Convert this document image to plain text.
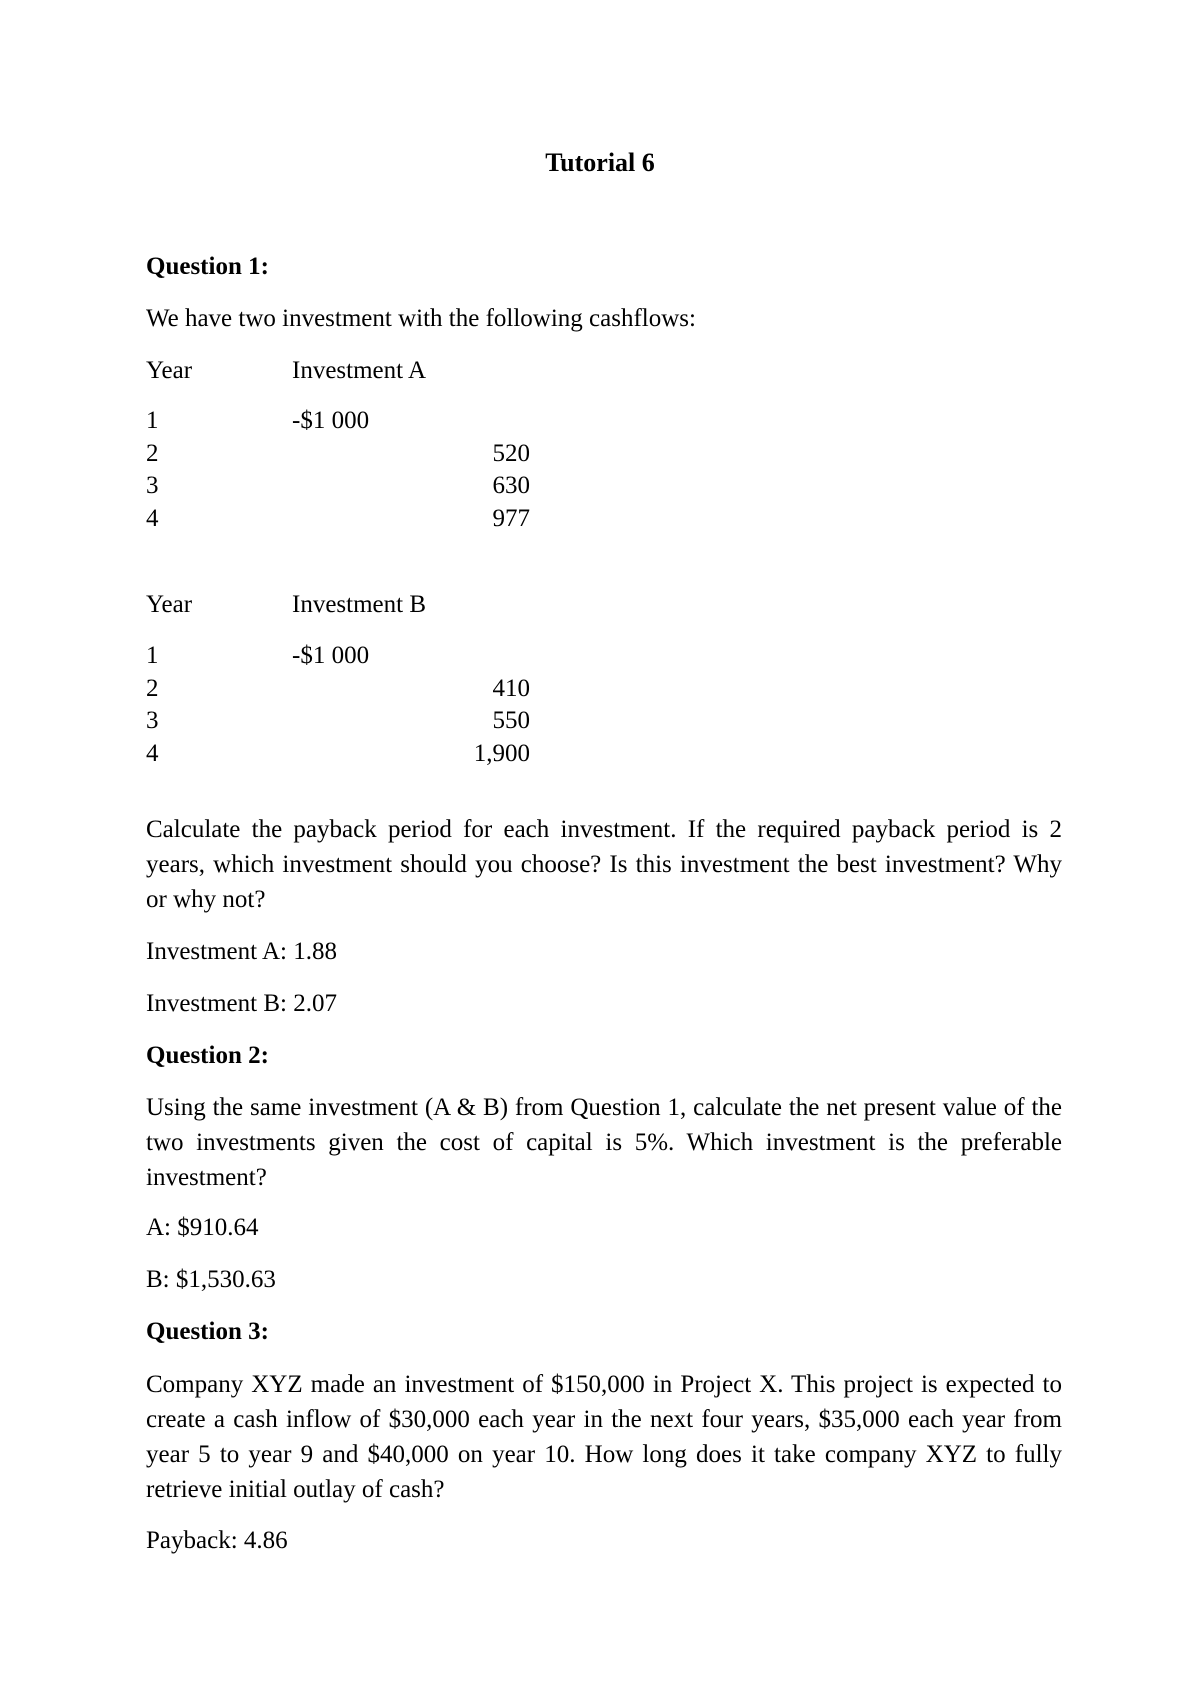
Tutorial 6
Question 1:
We have two investment with the following cashflows:
Year	Investment A
1	-$1 000
2	520
3	630
4	977
Year	Investment B
1	-$1 000
2	410
3	550
4	1,900

Calculate the payback period for each investment. If the required payback period is 2 years, which investment should you choose? Is this investment the best investment? Why or why not?

Investment A: 1.88
Investment B: 2.07
Question 2:

Using the same investment (A & B) from Question 1, calculate the net present value of the two investments given the cost of capital is 5%. Which investment is the preferable investment?

A: $910.64
B: $1,530.63
Question 3:

Company XYZ made an investment of $150,000 in Project X. This project is expected to create a cash inflow of $30,000 each year in the next four years, $35,000 each year from year 5 to year 9 and $40,000 on year 10. How long does it take company XYZ to fully retrieve initial outlay of cash?

Payback: 4.86
